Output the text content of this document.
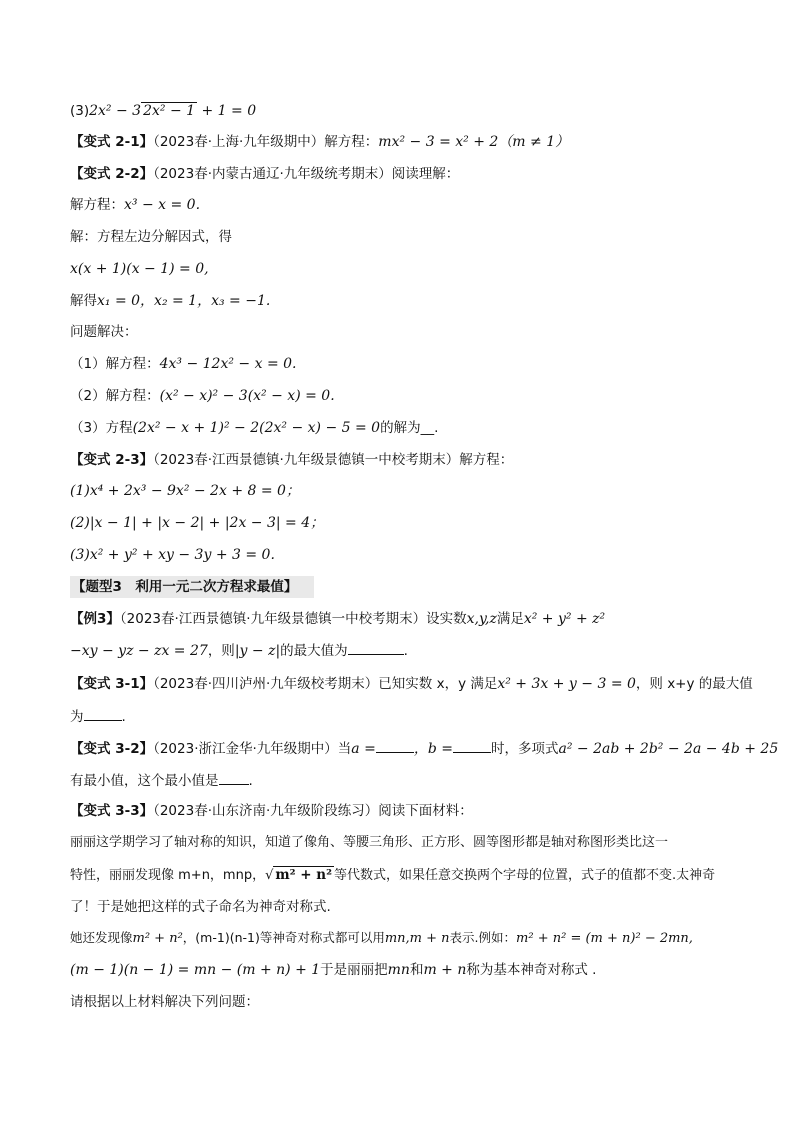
(3)2x² − 3 2x² − 1 + 1 = 0
【变式 2-1】（2023春·上海·九年级期中）解方程：mx² − 3 = x² + 2（m ≠ 1）
【变式 2-2】（2023春·内蒙古通辽·九年级统考期末）阅读理解：
解方程：x³ − x = 0.
解：方程左边分解因式，得
x(x + 1)(x − 1) = 0,
解得x₁ = 0，x₂ = 1，x₃ = −1.
问题解决：
（1）解方程：4x³ − 12x² − x = 0.
（2）解方程：(x² − x)² − 3(x² − x) = 0.
（3）方程(2x² − x + 1)² − 2(2x² − x) − 5 = 0的解为__.
【变式 2-3】（2023春·江西景德镇·九年级景德镇一中校考期末）解方程：
(1)x⁴ + 2x³ − 9x² − 2x + 8 = 0；
(2)|x − 1| + |x − 2| + |2x − 3| = 4；
(3)x² + y² + xy − 3y + 3 = 0.
【题型3　利用一元二次方程求最值】
【例3】（2023春·江西景德镇·九年级景德镇一中校考期末）设实数x,y,z满足x² + y² + z²
−xy − yz − zx = 27，则|y − z|的最大值为	.
【变式 3-1】（2023春·四川泸州·九年级校考期末）已知实数 x，y 满足x² + 3x + y − 3 = 0，则 x+y 的最大值
为	.
【变式 3-2】（2023·浙江金华·九年级期中）当a =	，b =	时，多项式a² − 2ab + 2b² − 2a − 4b + 25
有最小值，这个最小值是 .
【变式 3-3】（2023春·山东济南·九年级阶段练习）阅读下面材料：
丽丽这学期学习了轴对称的知识，知道了像角、等腰三角形、正方形、圆等图形都是轴对称图形类比这一
特性，丽丽发现像 m+n，mnp，√ m² + n² 等代数式，如果任意交换两个字母的位置，式子的值都不变.太神奇
了！于是她把这样的式子命名为神奇对称式.
她还发现像m² + n²，(m-1)(n-1)等神奇对称式都可以用mn,m + n表示.例如：m² + n² = (m + n)² − 2mn,
(m − 1)(n − 1) = mn − (m + n) + 1于是丽丽把mn和m + n称为基本神奇对称式 .
请根据以上材料解决下列问题：
